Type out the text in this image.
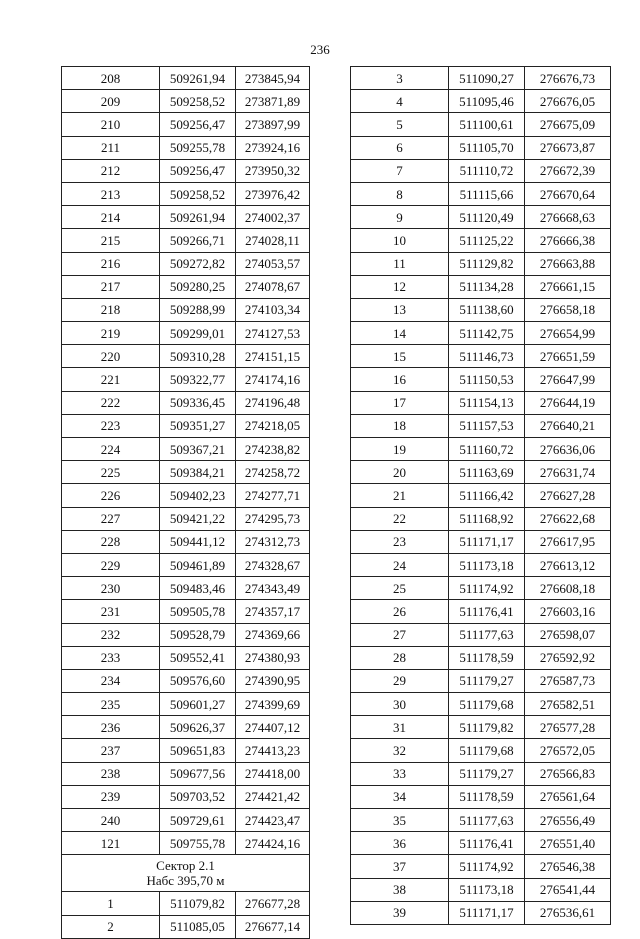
236
208	509261,94	273845,94
209	509258,52	273871,89
210	509256,47	273897,99
211	509255,78	273924,16
212	509256,47	273950,32
213	509258,52	273976,42
214	509261,94	274002,37
215	509266,71	274028,11
216	509272,82	274053,57
217	509280,25	274078,67
218	509288,99	274103,34
219	509299,01	274127,53
220	509310,28	274151,15
221	509322,77	274174,16
222	509336,45	274196,48
223	509351,27	274218,05
224	509367,21	274238,82
225	509384,21	274258,72
226	509402,23	274277,71
227	509421,22	274295,73
228	509441,12	274312,73
229	509461,89	274328,67
230	509483,46	274343,49
231	509505,78	274357,17
232	509528,79	274369,66
233	509552,41	274380,93
234	509576,60	274390,95
235	509601,27	274399,69
236	509626,37	274407,12
237	509651,83	274413,23
238	509677,56	274418,00
239	509703,52	274421,42
240	509729,61	274423,47
121	509755,78	274424,16

Сектор 2.1
Набс 395,70 м		

1	511079,82	276677,28
2	511085,05	276677,14
3	511090,27	276676,73
4	511095,46	276676,05
5	511100,61	276675,09
6	511105,70	276673,87
7	511110,72	276672,39
8	511115,66	276670,64
9	511120,49	276668,63
10	511125,22	276666,38
11	511129,82	276663,88
12	511134,28	276661,15
13	511138,60	276658,18
14	511142,75	276654,99
15	511146,73	276651,59
16	511150,53	276647,99
17	511154,13	276644,19
18	511157,53	276640,21
19	511160,72	276636,06
20	511163,69	276631,74
21	511166,42	276627,28
22	511168,92	276622,68
23	511171,17	276617,95
24	511173,18	276613,12
25	511174,92	276608,18
26	511176,41	276603,16
27	511177,63	276598,07
28	511178,59	276592,92
29	511179,27	276587,73
30	511179,68	276582,51
31	511179,82	276577,28
32	511179,68	276572,05
33	511179,27	276566,83
34	511178,59	276561,64
35	511177,63	276556,49
36	511176,41	276551,40
37	511174,92	276546,38
38	511173,18	276541,44
39	511171,17	276536,61
